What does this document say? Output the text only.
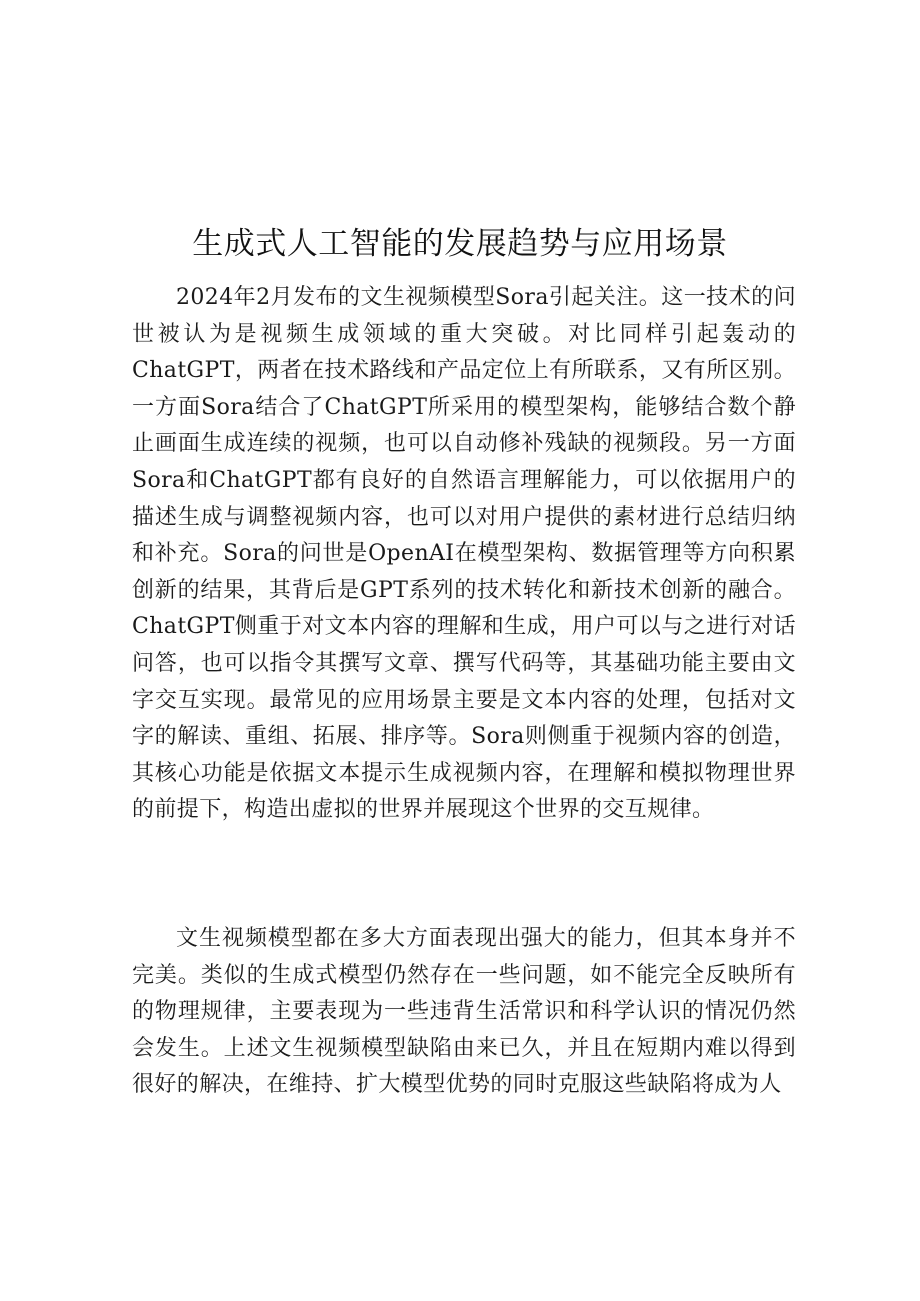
生成式人工智能的发展趋势与应用场景

2024年2月发布的文生视频模型Sora引起关注。这一技术的问世被认为是视频生成领域的重大突破。对比同样引起轰动的ChatGPT，两者在技术路线和产品定位上有所联系，又有所区别。一方面Sora结合了ChatGPT所采用的模型架构，能够结合数个静止画面生成连续的视频，也可以自动修补残缺的视频段。另一方面Sora和ChatGPT都有良好的自然语言理解能力，可以依据用户的描述生成与调整视频内容，也可以对用户提供的素材进行总结归纳和补充。Sora的问世是OpenAI在模型架构、数据管理等方向积累创新的结果，其背后是GPT系列的技术转化和新技术创新的融合。ChatGPT侧重于对文本内容的理解和生成，用户可以与之进行对话问答，也可以指令其撰写文章、撰写代码等，其基础功能主要由文字交互实现。最常见的应用场景主要是文本内容的处理，包括对文字的解读、重组、拓展、排序等。Sora则侧重于视频内容的创造，其核心功能是依据文本提示生成视频内容，在理解和模拟物理世界的前提下，构造出虚拟的世界并展现这个世界的交互规律。

文生视频模型都在多大方面表现出强大的能力，但其本身并不完美。类似的生成式模型仍然存在一些问题，如不能完全反映所有的物理规律，主要表现为一些违背生活常识和科学认识的情况仍然会发生。上述文生视频模型缺陷由来已久，并且在短期内难以得到很好的解决，在维持、扩大模型优势的同时克服这些缺陷将成为人
